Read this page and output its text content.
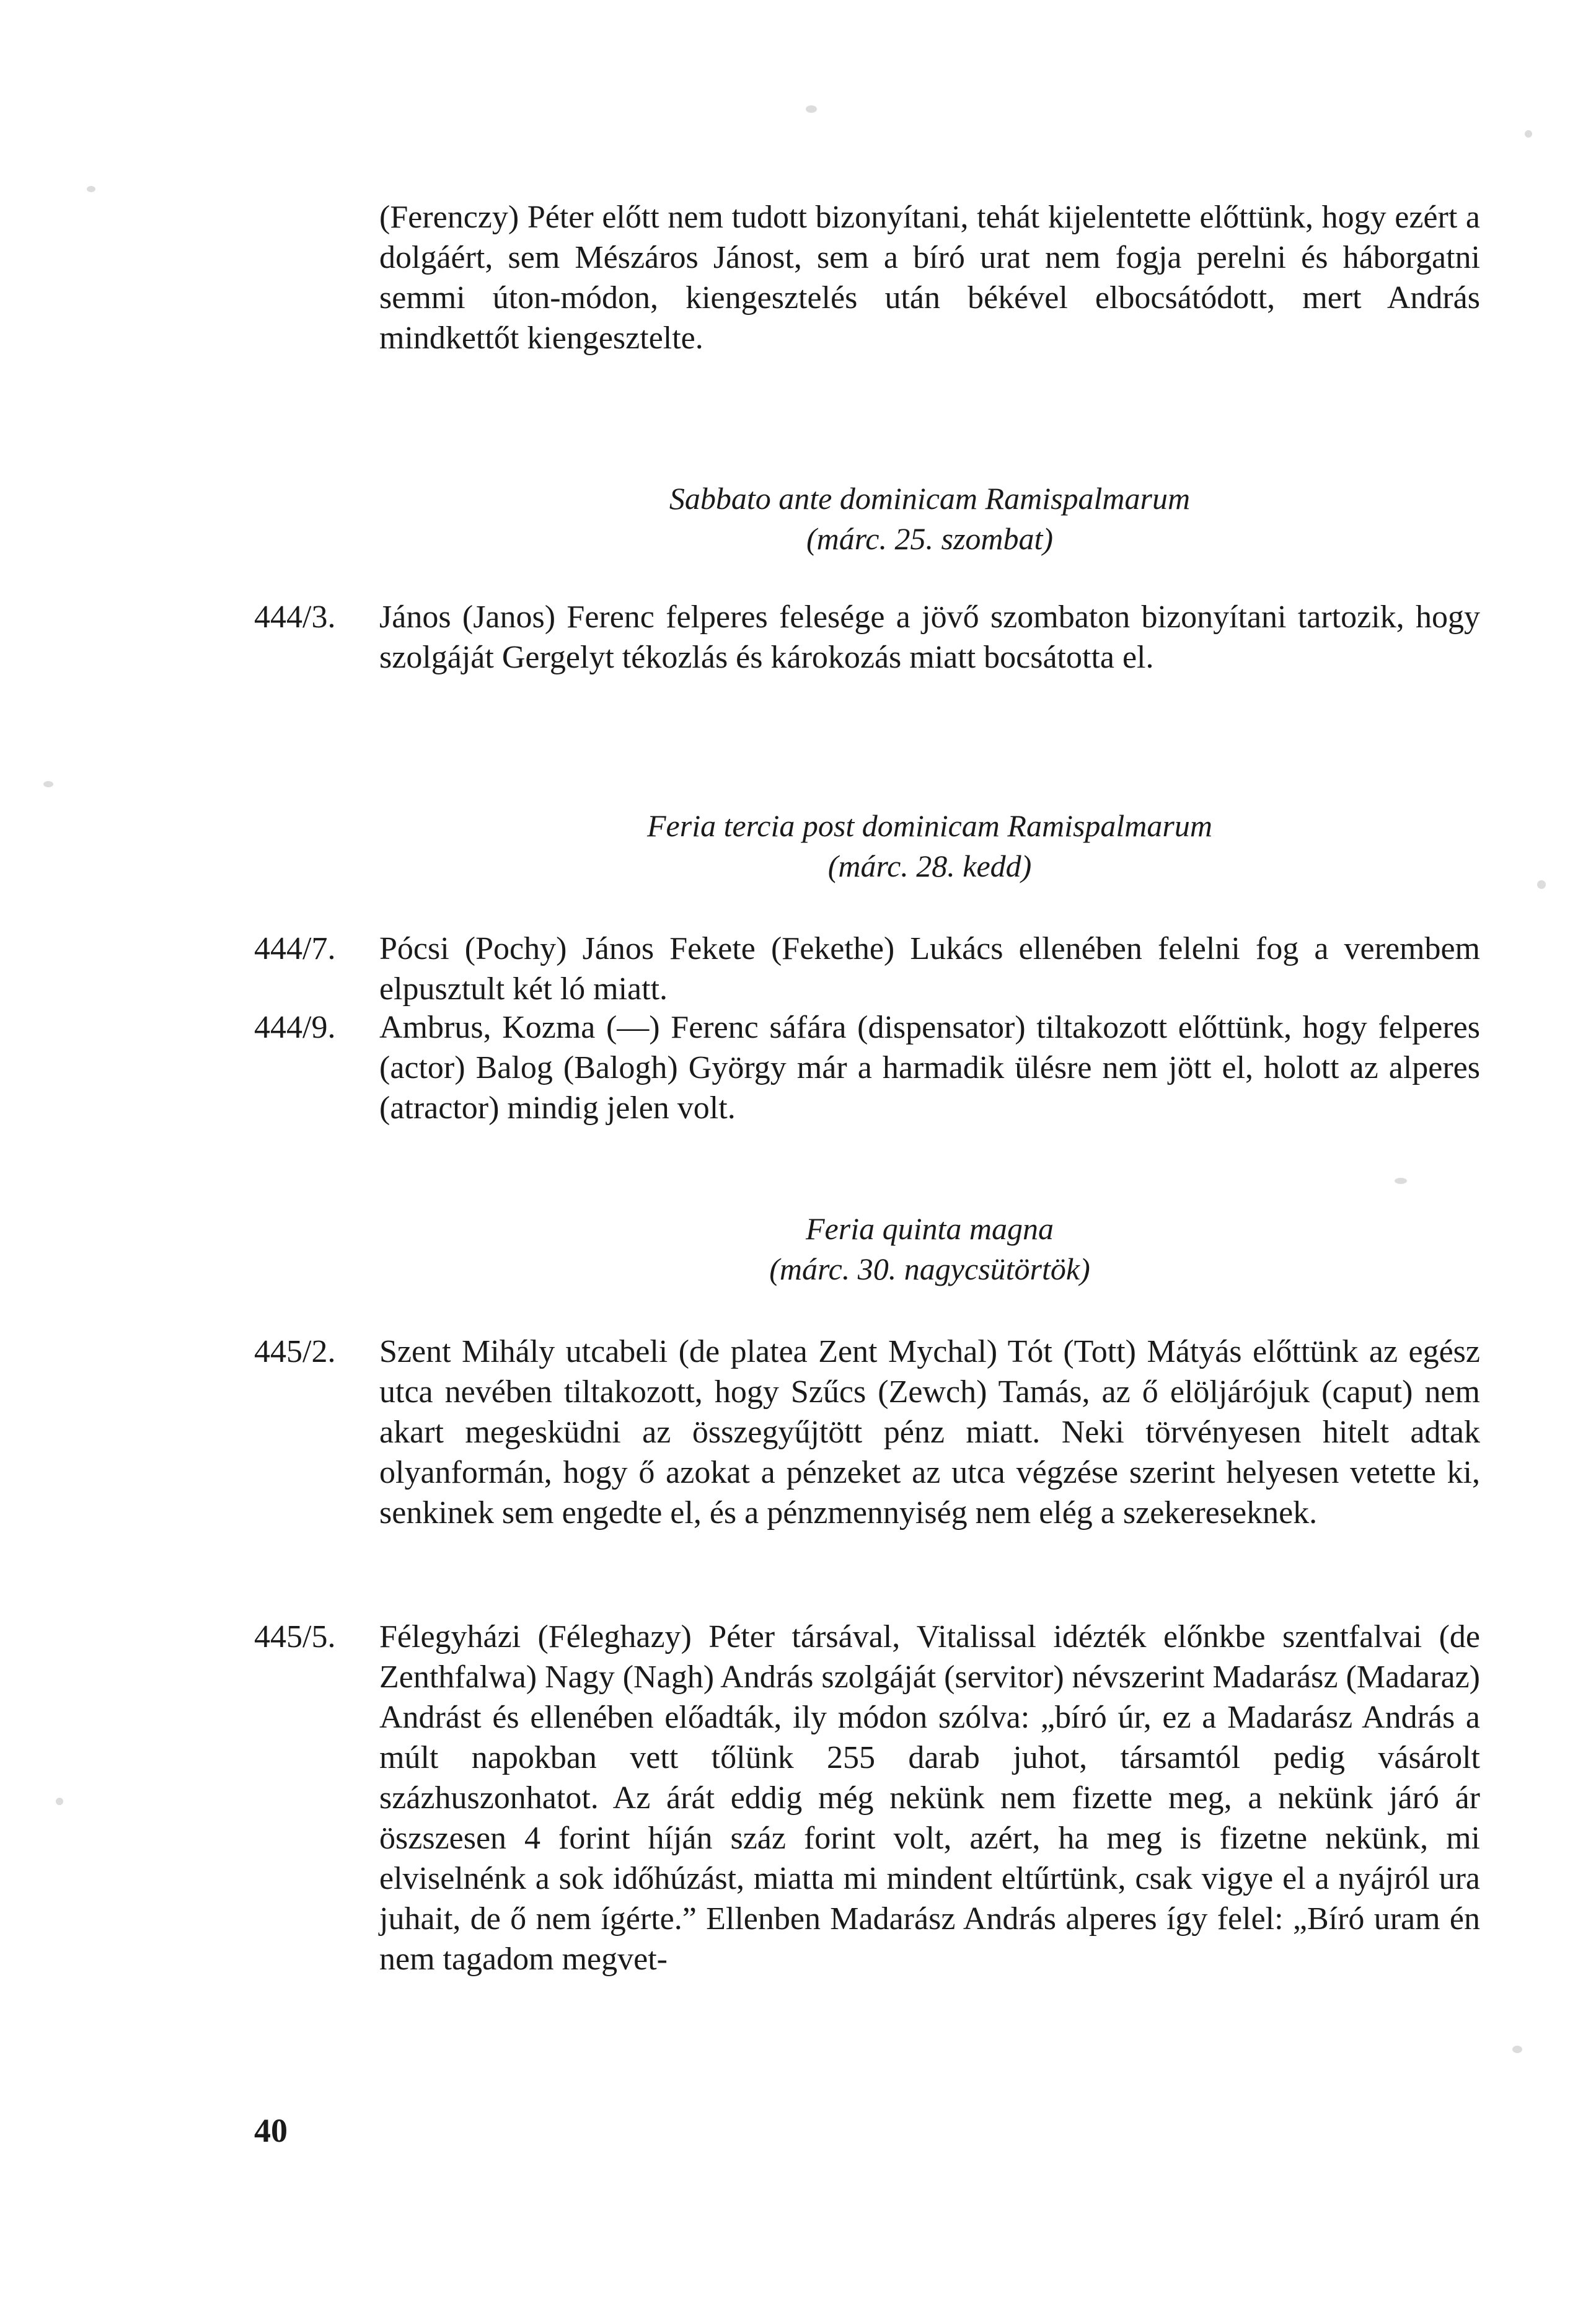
(Ferenczy) Péter előtt nem tudott bizonyítani, tehát kijelentette előttünk, hogy ezért a dolgáért, sem Mészáros Jánost, sem a bíró urat nem fogja perelni és háborgatni semmi úton-módon, kiengesztelés után békével elbocsátódott, mert András mindkettőt kiengesztelte.

Sabbato ante dominicam Ramispalmarum
(márc. 25. szombat)
444/3.	János (Janos) Ferenc felperes felesége a jövő szombaton bizonyítani tartozik, hogy szolgáját Gergelyt tékozlás és károkozás miatt bocsátotta el.

Feria tercia post dominicam Ramispalmarum
(márc. 28. kedd)
444/7.	Pócsi (Pochy) János Fekete (Fekethe) Lukács ellenében felelni fog a verembem elpusztult két ló miatt.

444/9.	Ambrus, Kozma (—) Ferenc sáfára (dispensator) tiltakozott előttünk, hogy felperes (actor) Balog (Balogh) György már a harmadik ülésre nem jött el, holott az alperes (atractor) mindig jelen volt.

Feria quinta magna
(márc. 30. nagycsütörtök)
445/2.	Szent Mihály utcabeli (de platea Zent Mychal) Tót (Tott) Mátyás előttünk az egész utca nevében tiltakozott, hogy Szűcs (Zewch) Tamás, az ő elöljárójuk (caput) nem akart megesküdni az összegyűjtött pénz miatt. Neki törvényesen hitelt adtak olyanformán, hogy ő azokat a pénzeket az utca végzése szerint helyesen vetette ki, senkinek sem engedte el, és a pénzmennyiség nem elég a szekereseknek.

445/5.	Félegyházi (Féleghazy) Péter társával, Vitalissal idézték előnkbe szentfalvai (de Zenthfalwa) Nagy (Nagh) András szolgáját (servitor) névszerint Madarász (Madaraz) Andrást és ellenében előadták, ily módon szólva: „bíró úr, ez a Madarász András a múlt napokban vett tőlünk 255 darab juhot, társamtól pedig vásárolt százhuszonhatot. Az árát eddig még nekünk nem fizette meg, a nekünk járó ár öszszesen 4 forint híján száz forint volt, azért, ha meg is fizetne nekünk, mi elviselnénk a sok időhúzást, miatta mi mindent eltűrtünk, csak vigye el a nyájról ura juhait, de ő nem ígérte.” Ellenben Madarász András alperes így felel: „Bíró uram én nem tagadom megvet-

40
